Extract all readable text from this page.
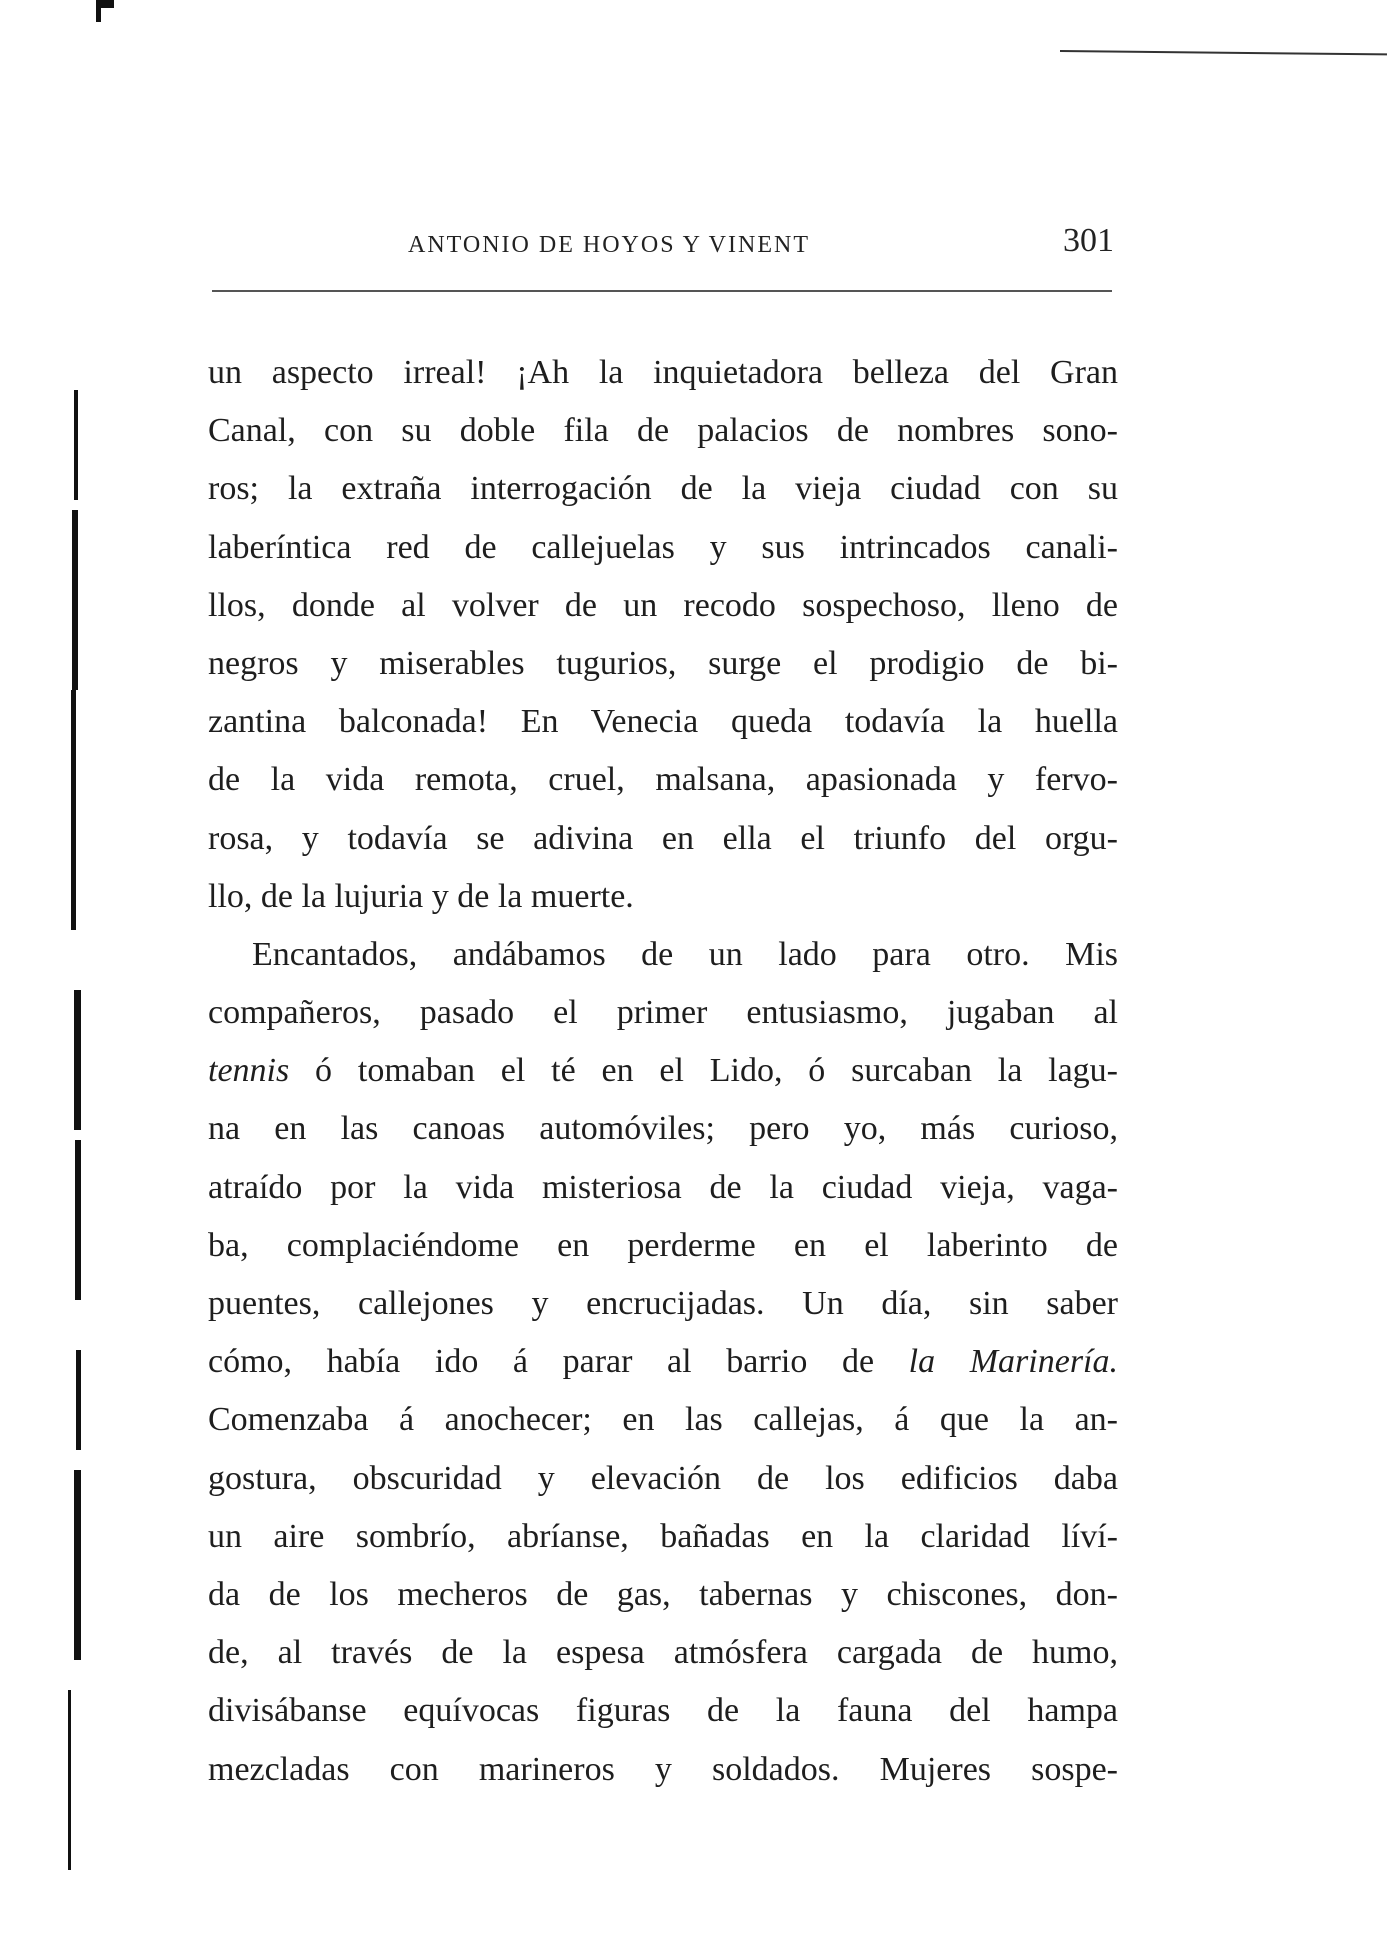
ANTONIO DE HOYOS Y VINENT	301
un aspecto irreal! ¡Ah la inquietadora belleza del Gran
Canal, con su doble fila de palacios de nombres sono-
ros; la extraña interrogación de la vieja ciudad con su
laberíntica red de callejuelas y sus intrincados canali-
llos, donde al volver de un recodo sospechoso, lleno de
negros y miserables tugurios, surge el prodigio de bi-
zantina balconada! En Venecia queda todavía la huella
de la vida remota, cruel, malsana, apasionada y fervo-
rosa, y todavía se adivina en ella el triunfo del orgu-
llo, de la lujuria y de la muerte.
Encantados, andábamos de un lado para otro. Mis
compañeros, pasado el primer entusiasmo, jugaban al
tennis ó tomaban el té en el Lido, ó surcaban la lagu-
na en las canoas automóviles; pero yo, más curioso,
atraído por la vida misteriosa de la ciudad vieja, vaga-
ba, complaciéndome en perderme en el laberinto de
puentes, callejones y encrucijadas. Un día, sin saber
cómo, había ido á parar al barrio de la Marinería.
Comenzaba á anochecer; en las callejas, á que la an-
gostura, obscuridad y elevación de los edificios daba
un aire sombrío, abríanse, bañadas en la claridad líví-
da de los mecheros de gas, tabernas y chiscones, don-
de, al través de la espesa atmósfera cargada de humo,
divisábanse equívocas figuras de la fauna del hampa
mezcladas con marineros y soldados. Mujeres sospe-
